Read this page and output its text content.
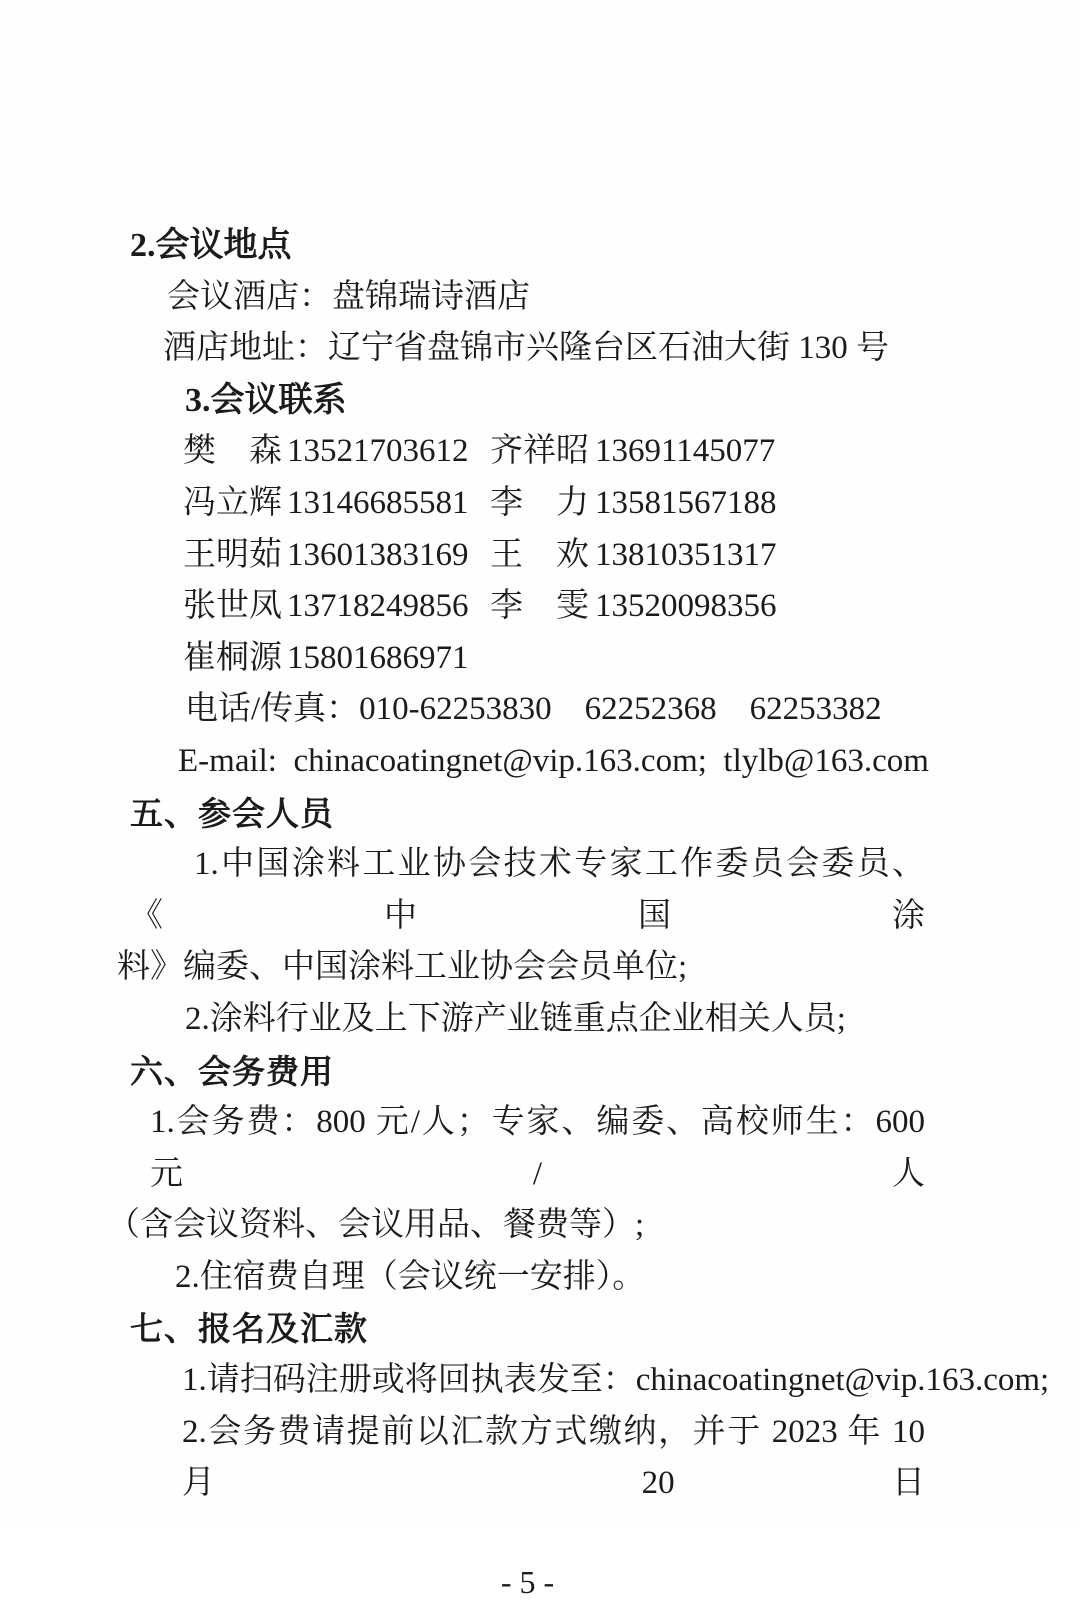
2.会议地点
会议酒店：盘锦瑞诗酒店
酒店地址：辽宁省盘锦市兴隆台区石油大街 130 号
3.会议联系
樊　森 13521703612 齐祥昭 13691145077
冯立辉 13146685581 李　力 13581567188
王明茹 13601383169 王　欢 13810351317
张世凤 13718249856 李　雯 13520098356
崔桐源 15801686971
电话/传真：010-62253830  62252368  62253382
E-mail: chinacoatingnet@vip.163.com; tlylb@163.com
五、参会人员
1.中国涂料工业协会技术专家工作委员会委员、《中国涂
料》编委、中国涂料工业协会会员单位;
2.涂料行业及上下游产业链重点企业相关人员;
六、会务费用
1.会务费：800 元/人；专家、编委、高校师生：600 元/人
（含会议资料、会议用品、餐费等）;
2.住宿费自理（会议统一安排）。
七、报名及汇款
1.请扫码注册或将回执表发至：chinacoatingnet@vip.163.com;
2.会务费请提前以汇款方式缴纳，并于 2023 年 10 月 20 日
- 5 -
